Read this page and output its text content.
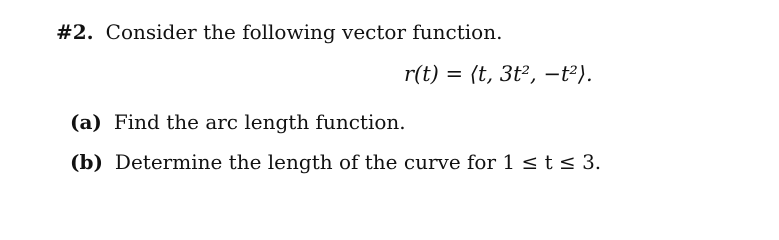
#2. Consider the following vector function.
r(t) = ⟨t, 3t², −t²⟩.
(a) Find the arc length function.
(b) Determine the length of the curve for 1 ≤ t ≤ 3.
